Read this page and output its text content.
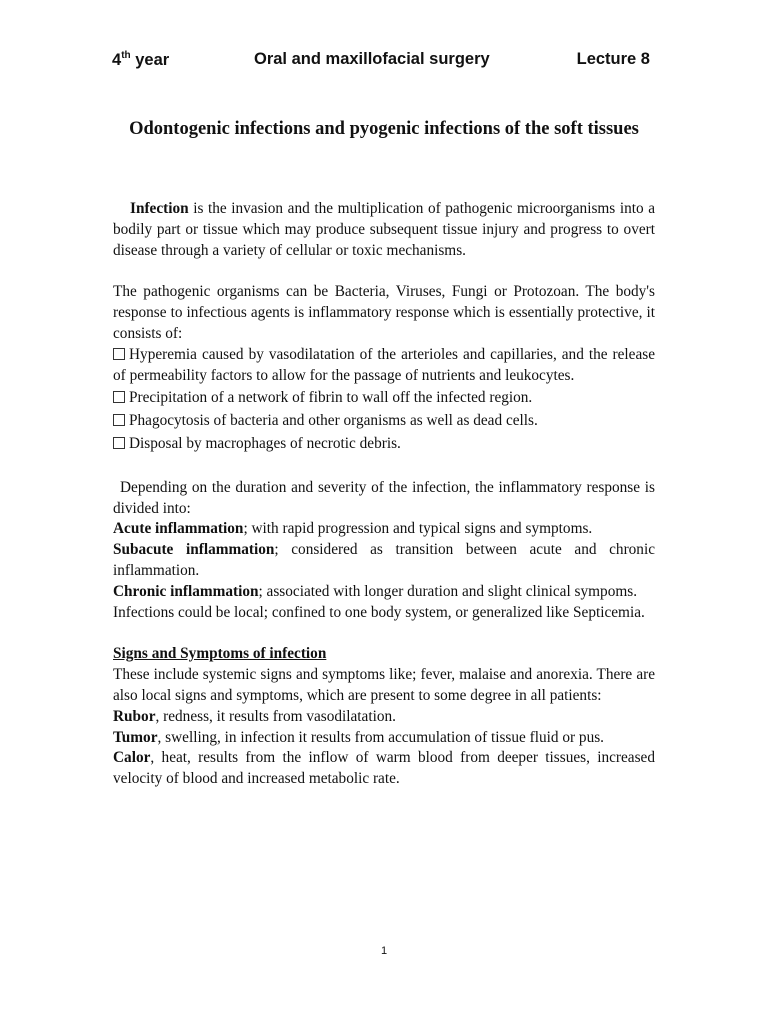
4th year	Oral and maxillofacial surgery	Lecture 8
Odontogenic infections and pyogenic infections of the soft tissues

Infection is the invasion and the multiplication of pathogenic microorganisms into a bodily part or tissue which may produce subsequent tissue injury and progress to overt disease through a variety of cellular or toxic mechanisms.

The pathogenic organisms can be Bacteria, Viruses, Fungi or Protozoan. The body's response to infectious agents is inflammatory response which is essentially protective, it consists of:

Hyperemia caused by vasodilatation of the arterioles and capillaries, and the release of permeability factors to allow for the passage of nutrients and leukocytes.

Precipitation of a network of fibrin to wall off the infected region.

Phagocytosis of bacteria and other organisms as well as dead cells.

Disposal by macrophages of necrotic debris.

Depending on the duration and severity of the infection, the inflammatory response is divided into:

Acute inflammation; with rapid progression and typical signs and symptoms.

Subacute inflammation; considered as transition between acute and chronic inflammation.

Chronic inflammation; associated with longer duration and slight clinical sympoms.

Infections could be local; confined to one body system, or generalized like Septicemia.

Signs and Symptoms of infection

These include systemic signs and symptoms like; fever, malaise and anorexia. There are also local signs and symptoms, which are present to some degree in all patients:

Rubor, redness, it results from vasodilatation.

Tumor, swelling, in infection it results from accumulation of tissue fluid or pus.

Calor, heat, results from the inflow of warm blood from deeper tissues, increased velocity of blood and increased metabolic rate.

1
